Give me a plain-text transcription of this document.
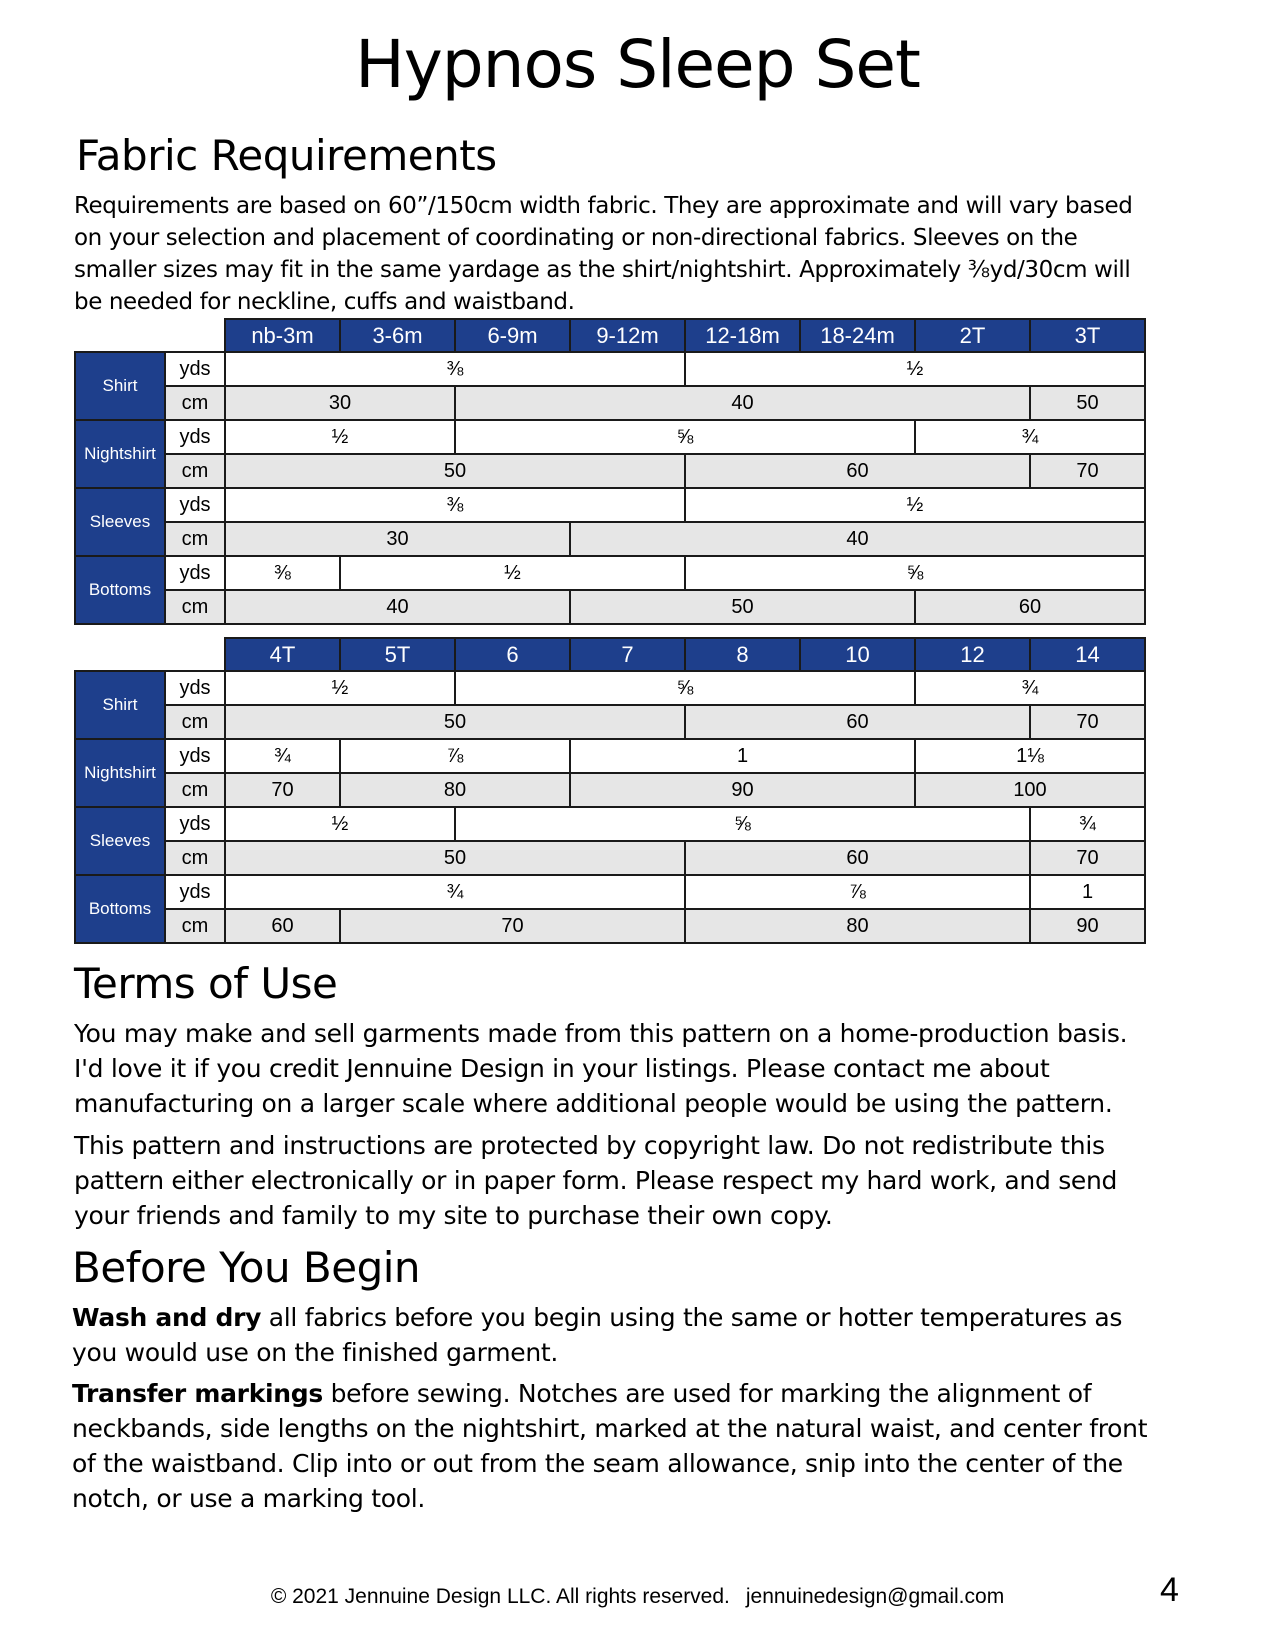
Hypnos Sleep Set
Fabric Requirements
Requirements are based on 60”/150cm width fabric. They are approximate and will vary based on your selection and placement of coordinating or non-directional fabrics. Sleeves on the smaller sizes may fit in the same yardage as the shirt/nightshirt. Approximately ⅜yd/30cm will be needed for neckline, cuffs and waistband.
		nb-3m	3-6m	6-9m	9-12m	12-18m	18-24m	2T	3T
Shirt	yds	⅜				½			
	cm	30		40					50
Nightshirt	yds	½		⅝				¾	
	cm	50				60			70
Sleeves	yds	⅜				½			
	cm	30			40				
Bottoms	yds	⅜	½			⅝			
	cm	40			50			60	
		4T	5T	6	7	8	10	12	14
Shirt	yds	½		⅝				¾	
	cm	50				60			70
Nightshirt	yds	¾	⅞		1			1⅛	
	cm	70	80		90			100	
Sleeves	yds	½		⅝					¾
	cm	50				60			70
Bottoms	yds	¾				⅞			1
	cm	60	70			80			90
Terms of Use
You may make and sell garments made from this pattern on a home-production basis. I'd love it if you credit Jennuine Design in your listings. Please contact me about manufacturing on a larger scale where additional people would be using the pattern.
This pattern and instructions are protected by copyright law. Do not redistribute this pattern either electronically or in paper form. Please respect my hard work, and send your friends and family to my site to purchase their own copy.
Before You Begin
Wash and dry all fabrics before you begin using the same or hotter temperatures as you would use on the finished garment.
Transfer markings before sewing. Notches are used for marking the alignment of neckbands, side lengths on the nightshirt, marked at the natural waist, and center front of the waistband. Clip into or out from the seam allowance, snip into the center of the notch, or use a marking tool.
© 2021 Jennuine Design LLC. All rights reserved. jennuinedesign@gmail.com	4
